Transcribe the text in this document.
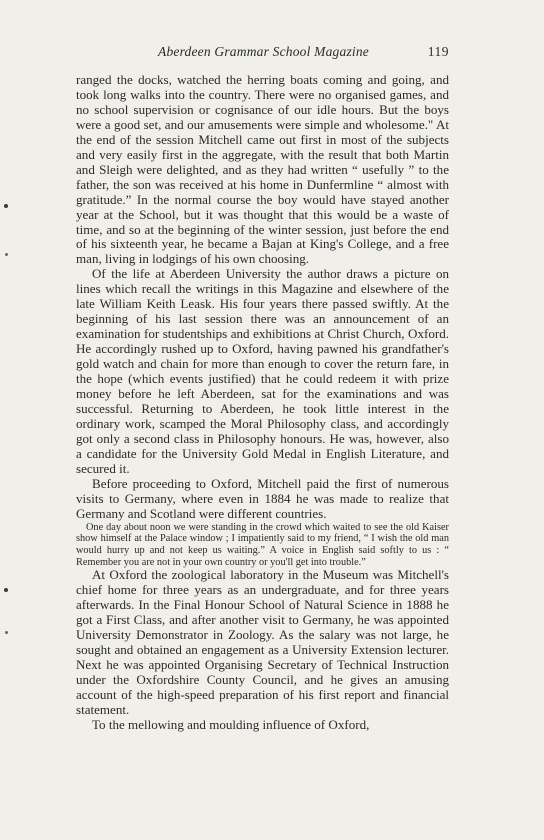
Aberdeen Grammar School Magazine	119

ranged the docks, watched the herring boats coming and going, and took long walks into the country. There were no organised games, and no school supervision or cognisance of our idle hours. But the boys were a good set, and our amusements were simple and wholesome." At the end of the session Mitchell came out first in most of the subjects and very easily first in the aggregate, with the result that both Martin and Sleigh were delighted, and as they had written “ usefully ” to the father, the son was received at his home in Dunfermline “ almost with gratitude.” In the normal course the boy would have stayed another year at the School, but it was thought that this would be a waste of time, and so at the beginning of the winter session, just before the end of his sixteenth year, he became a Bajan at King's College, and a free man, living in lodgings of his own choosing.

Of the life at Aberdeen University the author draws a picture on lines which recall the writings in this Magazine and elsewhere of the late William Keith Leask. His four years there passed swiftly. At the beginning of his last session there was an announcement of an examination for studentships and exhibitions at Christ Church, Oxford. He accordingly rushed up to Oxford, having pawned his grandfather's gold watch and chain for more than enough to cover the return fare, in the hope (which events justified) that he could redeem it with prize money before he left Aberdeen, sat for the examinations and was successful. Returning to Aberdeen, he took little interest in the ordinary work, scamped the Moral Philosophy class, and accordingly got only a second class in Philosophy honours. He was, however, also a candidate for the University Gold Medal in English Literature, and secured it.

Before proceeding to Oxford, Mitchell paid the first of numerous visits to Germany, where even in 1884 he was made to realize that Germany and Scotland were different countries.

One day about noon we were standing in the crowd which waited to see the old Kaiser show himself at the Palace window ; I impatiently said to my friend, “ I wish the old man would hurry up and not keep us waiting.” A voice in English said softly to us : “ Remember you are not in your own country or you'll get into trouble.”

At Oxford the zoological laboratory in the Museum was Mitchell's chief home for three years as an undergraduate, and for three years afterwards. In the Final Honour School of Natural Science in 1888 he got a First Class, and after another visit to Germany, he was appointed University Demonstrator in Zoology. As the salary was not large, he sought and obtained an engagement as a University Extension lecturer. Next he was appointed Organising Secretary of Technical Instruction under the Oxfordshire County Council, and he gives an amusing account of the high-speed preparation of his first report and financial statement.

To the mellowing and moulding influence of Oxford,
